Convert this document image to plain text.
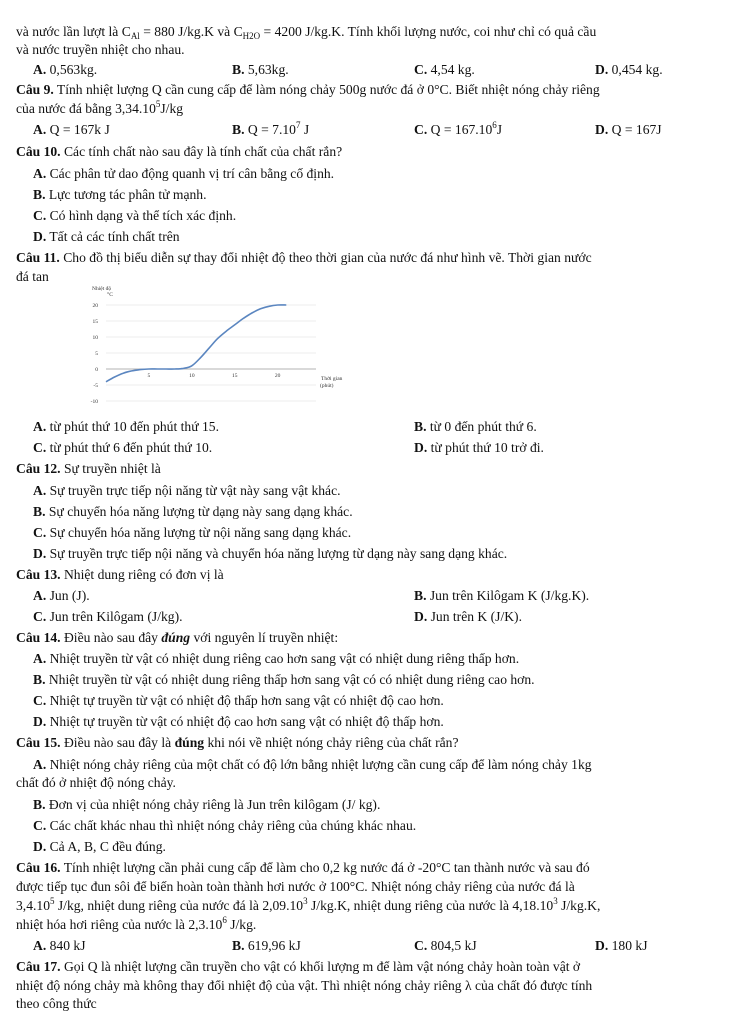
và nước lần lượt là $C_{Al} = 880$ J/kg.K và $C_{H2O} = 4200$ J/kg.K. Tính khối lượng nước, coi như chỉ có quả cầu
và nước truyền nhiệt cho nhau.
A. 0,563kg.	B. 5,63kg.	C. 4,54 kg.	D. 0,454 kg.
Câu 9. Tính nhiệt lượng Q cần cung cấp để làm nóng chảy 500g nước đá ở 0°C. Biết nhiệt nóng chảy riêng
của nước đá bằng 3,34.10$^5$J/kg
A. Q = 167k J	B. $Q = 7.10^7$ J	C. $Q = 167.10^6J$	D. Q = 167J
Câu 10. Các tính chất nào sau đây là tính chất của chất rắn?
A. Các phân tử dao động quanh vị trí cân bằng cố định.
B. Lực tương tác phân tử mạnh.
C. Có hình dạng và thể tích xác định.
D. Tất cả các tính chất trên
Câu 11. Cho đồ thị biểu diễn sự thay đổi nhiệt độ theo thời gian của nước đá như hình vẽ. Thời gian nước
đá tan
20
15
10
5
0
-5
-10
5	10	15	20
Nhiệt độ
°C
Thời gian
(phút)
A. từ phút thứ 10 đến phút thứ 15.	B. từ 0 đến phút thứ 6.
C. từ phút thứ 6 đến phút thứ 10.	D. từ phút thứ 10 trở đi.
Câu 12. Sự truyền nhiệt là
A. Sự truyền trực tiếp nội năng từ vật này sang vật khác.
B. Sự chuyển hóa năng lượng từ dạng này sang dạng khác.
C. Sự chuyển hóa năng lượng từ nội năng sang dạng khác.
D. Sự truyền trực tiếp nội năng và chuyển hóa năng lượng từ dạng này sang dạng khác.
Câu 13. Nhiệt dung riêng có đơn vị là
A. Jun (J).	B. Jun trên Kilôgam K (J/kg.K).
C. Jun trên Kilôgam (J/kg).	D. Jun trên K (J/K).
Câu 14. Điều nào sau đây đúng với nguyên lí truyền nhiệt:
A. Nhiệt truyền từ vật có nhiệt dung riêng cao hơn sang vật có nhiệt dung riêng thấp hơn.
B. Nhiệt truyền từ vật có nhiệt dung riêng thấp hơn sang vật có có nhiệt dung riêng cao hơn.
C. Nhiệt tự truyền từ vật có nhiệt độ thấp hơn sang vật có nhiệt độ cao hơn.
D. Nhiệt tự truyền từ vật có nhiệt độ cao hơn sang vật có nhiệt độ thấp hơn.
Câu 15. Điều nào sau đây là đúng khi nói về nhiệt nóng chảy riêng của chất rắn?
A. Nhiệt nóng chảy riêng của một chất có độ lớn bằng nhiệt lượng cần cung cấp để làm nóng chảy 1kg
chất đó ở nhiệt độ nóng chảy.
B. Đơn vị của nhiệt nóng chảy riêng là Jun trên kilôgam (J/ kg).
C. Các chất khác nhau thì nhiệt nóng chảy riêng của chúng khác nhau.
D. Cả A, B, C đều đúng.
Câu 16. Tính nhiệt lượng cần phải cung cấp để làm cho 0,2 kg nước đá ở -20°C tan thành nước và sau đó
được tiếp tục đun sôi để biến hoàn toàn thành hơi nước ở 100°C. Nhiệt nóng chảy riêng của nước đá là
3,4.10$^5$ J/kg, nhiệt dung riêng của nước đá là 2,09.10$^3$ J/kg.K, nhiệt dung riêng của nước là 4,18.10$^3$ J/kg.K,
nhiệt hóa hơi riêng của nước là 2,3.10$^6$ J/kg.
A. 840 kJ	B. 619,96 kJ	C. 804,5 kJ	D. 180 kJ
Câu 17. Gọi Q là nhiệt lượng cần truyền cho vật có khối lượng m để làm vật nóng chảy hoàn toàn vật ở
nhiệt độ nóng chảy mà không thay đổi nhiệt độ của vật. Thì nhiệt nóng chảy riêng λ của chất đó được tính
theo công thức
